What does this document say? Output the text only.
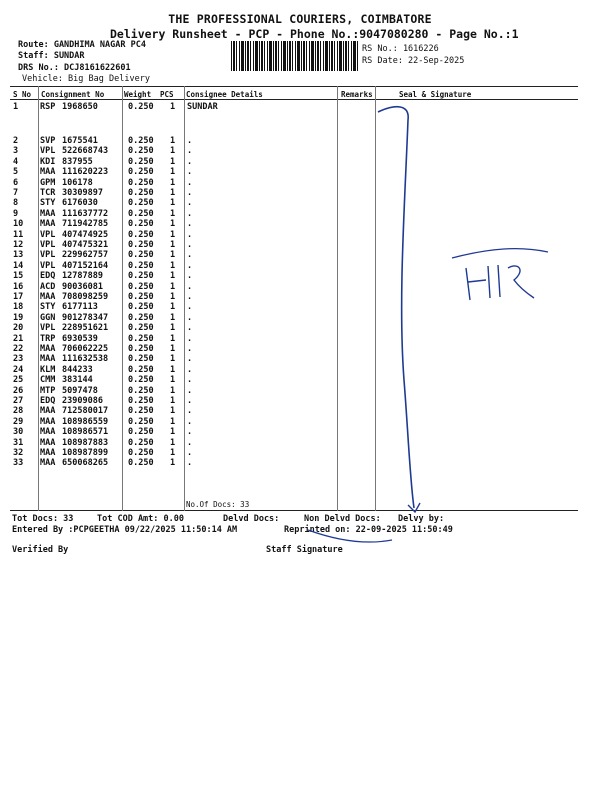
THE PROFESSIONAL COURIERS, COIMBATORE
Delivery Runsheet - PCP - Phone No.:9047080280 - Page No.:1
Route: GANDHIMA NAGAR PC4
Staff: SUNDAR
DRS No.: DCJ8161622601
Vehicle: Big Bag Delivery
RS No.: 1616226
RS Date: 22-Sep-2025
S No Consignment No	Weight PCS Consignee Details	Remarks	Seal & Signature
1	RSP 1968650	0.250 1 SUNDAR
2	SVP 1675541	0.250 1 .
3	VPL 522668743 0.250 1 .
4	KDI 837955	0.250 1 .
5	MAA 111620223 0.250 1 .
6	GPM 106178	0.250 1 .
7	TCR 30309897	0.250 1 .
8	STY 6176030	0.250 1 .
9	MAA 111637772 0.250 1 .
10 MAA 711942785 0.250 1 .
11 VPL 407474925 0.250 1 .
12 VPL 407475321 0.250 1 .
13 VPL 229962757 0.250 1 .
14 VPL 407152164 0.250 1 .
15 EDQ 12787889	0.250 1 .
16 ACD 90036081	0.250 1 .
17 MAA 708098259 0.250 1 .
18 STY 6177113	0.250 1 .
19 GGN 901278347 0.250 1 .
20 VPL 228951621 0.250 1 .
21 TRP 6930539	0.250 1 .
22 MAA 706062225 0.250 1 .
23 MAA 111632538 0.250 1 .
24 KLM 844233	0.250 1 .
25 CMM 383144	0.250 1 .
26 MTP 5097478	0.250 1 .
27 EDQ 23909086	0.250 1 .
28 MAA 712580017 0.250 1 .
29 MAA 108986559 0.250 1 .
30 MAA 108986571 0.250 1 .
31 MAA 108987883 0.250 1 .
32 MAA 108987899 0.250 1 .
33 MAA 650068265 0.250 1 .
No.Of Docs: 33
Tot Docs: 33	Tot COD Amt: 0.00	Delvd Docs:	Non Delvd Docs: Delvy by:
Entered By :PCPGEETHA 09/22/2025 11:50:14 AM	Reprinted on: 22-09-2025 11:50:49
Verified By	Staff Signature
